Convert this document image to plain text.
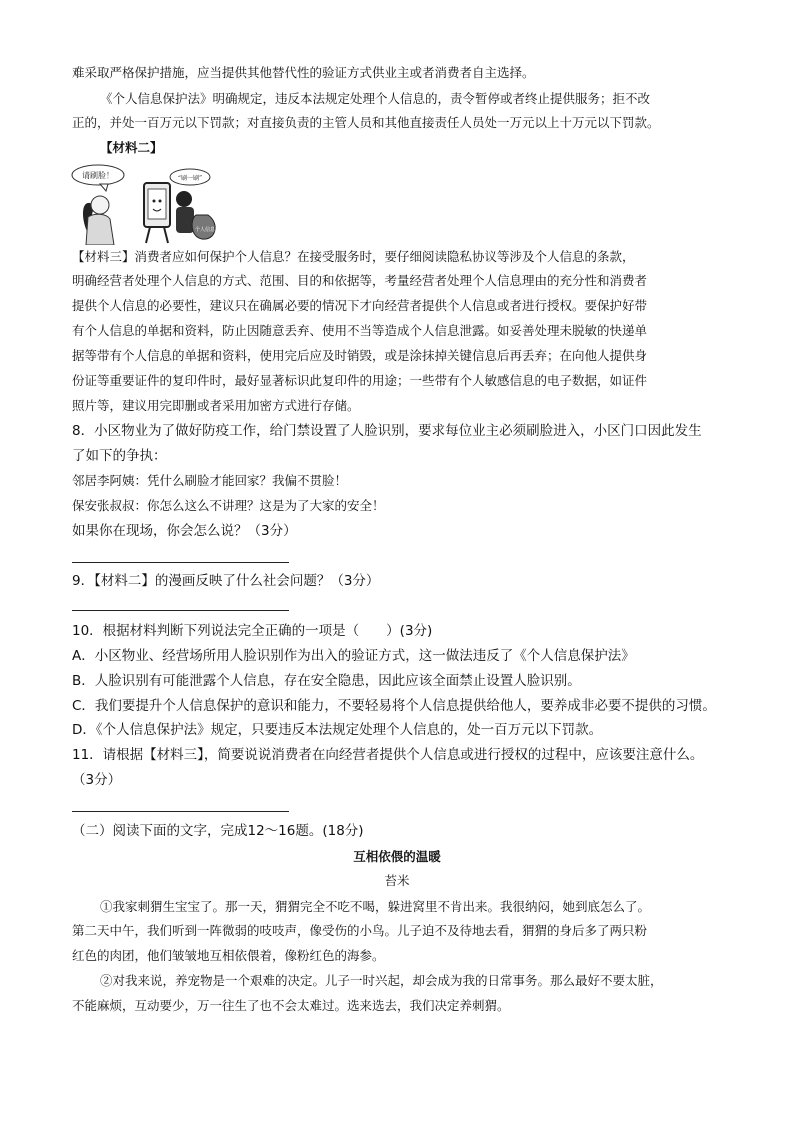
难采取严格保护措施，应当提供其他替代性的验证方式供业主或者消费者自主选择。
《个人信息保护法》明确规定，违反本法规定处理个人信息的，责令暂停或者终止提供服务；拒不改
正的，并处一百万元以下罚款；对直接负责的主管人员和其他直接责任人员处一万元以上十万元以下罚款。
【材料二】
请刷脸！	“刷一刷”
个人信息
【材料三】消费者应如何保护个人信息？在接受服务时，要仔细阅读隐私协议等涉及个人信息的条款，
明确经营者处理个人信息的方式、范围、目的和依据等，考量经营者处理个人信息理由的充分性和消费者
提供个人信息的必要性，建议只在确属必要的情况下才向经营者提供个人信息或者进行授权。要保护好带
有个人信息的单据和资料，防止因随意丢弃、使用不当等造成个人信息泄露。如妥善处理未脱敏的快递单
据等带有个人信息的单据和资料，使用完后应及时销毁，或是涂抹掉关键信息后再丢弃；在向他人提供身
份证等重要证件的复印件时，最好显著标识此复印件的用途；一些带有个人敏感信息的电子数据，如证件
照片等，建议用完即删或者采用加密方式进行存储。
8．小区物业为了做好防疫工作，给门禁设置了人脸识别，要求每位业主必须刷脸进入，小区门口因此发生
了如下的争执：
邻居李阿姨：凭什么刷脸才能回家？我偏不贯脸！
保安张叔叔：你怎么这么不讲理？这是为了大家的安全！
如果你在现场，你会怎么说？（3分）
9．【材料二】的漫画反映了什么社会问题？（3分）
10．根据材料判断下列说法完全正确的一项是（　　）(3分)
A．小区物业、经营场所用人脸识别作为出入的验证方式，这一做法违反了《个人信息保护法》
B．人脸识别有可能泄露个人信息，存在安全隐患，因此应该全面禁止设置人脸识别。
C．我们要提升个人信息保护的意识和能力，不要轻易将个人信息提供给他人，要养成非必要不提供的习惯。
D．《个人信息保护法》规定，只要违反本法规定处理个人信息的，处一百万元以下罚款。
11．请根据【材料三】，简要说说消费者在向经营者提供个人信息或进行授权的过程中，应该要注意什么。
（3分）
（二）阅读下面的文字，完成12～16题。(18分)
互相依偎的温暖
苔米
①我家刺猬生宝宝了。那一天，猬猬完全不吃不喝，躲进窝里不肯出来。我很纳闷，她到底怎么了。
第二天中午，我们听到一阵微弱的吱吱声，像受伤的小鸟。儿子迫不及待地去看，猬猬的身后多了两只粉
红色的肉团，他们皱皱地互相依偎着，像粉红色的海参。
②对我来说，养宠物是一个艰难的决定。儿子一时兴起，却会成为我的日常事务。那么最好不要太脏，
不能麻烦，互动要少，万一往生了也不会太难过。选来选去，我们决定养刺猬。
